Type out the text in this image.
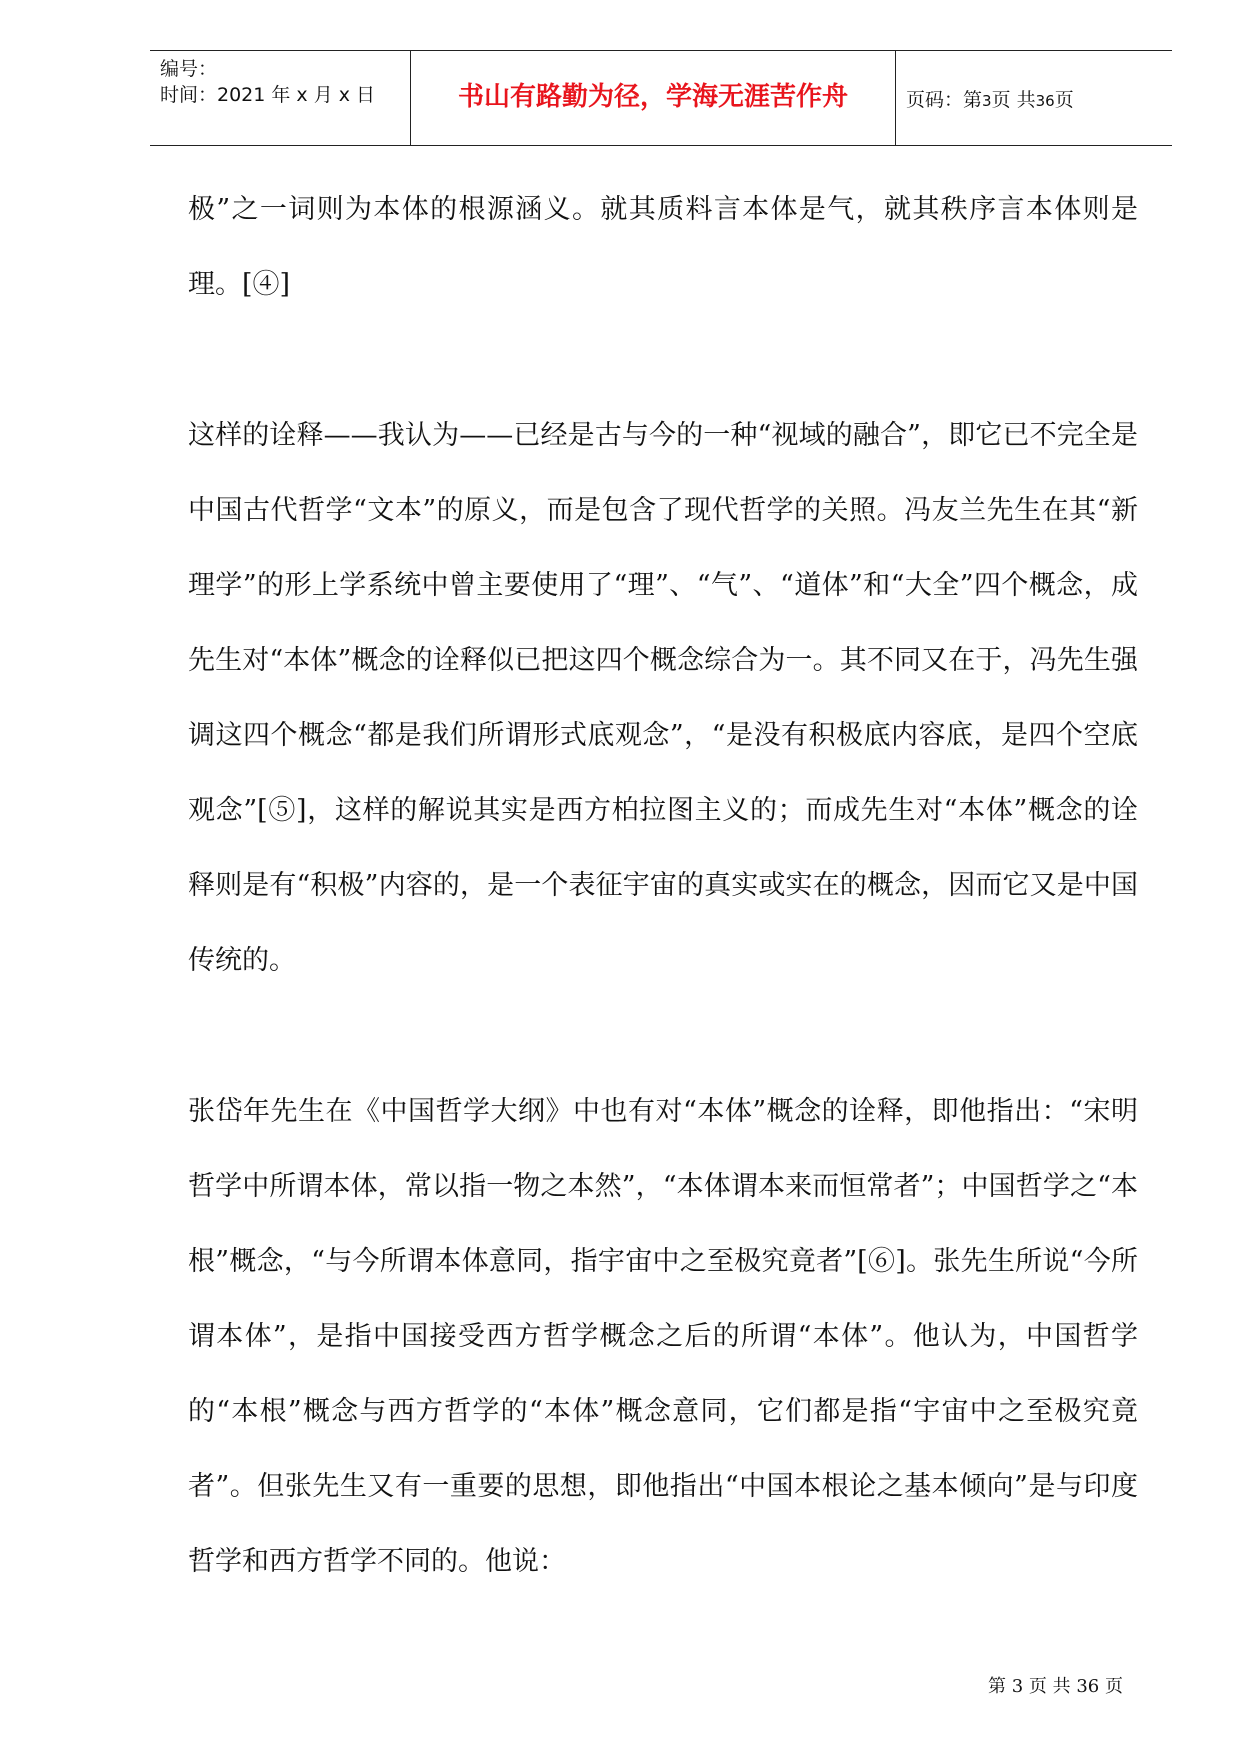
编号：
时间：2021 年 x 月 x 日	书山有路勤为径，学海无涯苦作舟	页码：第3页 共36页

极”之一词则为本体的根源涵义。就其质料言本体是气，就其秩序言本体则是理。[④]

这样的诠释——我认为——已经是古与今的一种“视域的融合”，即它已不完全是中国古代哲学“文本”的原义，而是包含了现代哲学的关照。冯友兰先生在其“新理学”的形上学系统中曾主要使用了“理”、“气”、“道体”和“大全”四个概念，成先生对“本体”概念的诠释似已把这四个概念综合为一。其不同又在于，冯先生强调这四个概念“都是我们所谓形式底观念”，“是没有积极底内容底，是四个空底观念”[⑤]，这样的解说其实是西方柏拉图主义的；而成先生对“本体”概念的诠释则是有“积极”内容的，是一个表征宇宙的真实或实在的概念，因而它又是中国传统的。

张岱年先生在《中国哲学大纲》中也有对“本体”概念的诠释，即他指出：“宋明哲学中所谓本体，常以指一物之本然”，“本体谓本来而恒常者”；中国哲学之“本根”概念，“与今所谓本体意同，指宇宙中之至极究竟者”[⑥]。张先生所说“今所谓本体”，是指中国接受西方哲学概念之后的所谓“本体”。他认为，中国哲学的“本根”概念与西方哲学的“本体”概念意同，它们都是指“宇宙中之至极究竟者”。但张先生又有一重要的思想，即他指出“中国本根论之基本倾向”是与印度哲学和西方哲学不同的。他说：

第 3 页 共 36 页
